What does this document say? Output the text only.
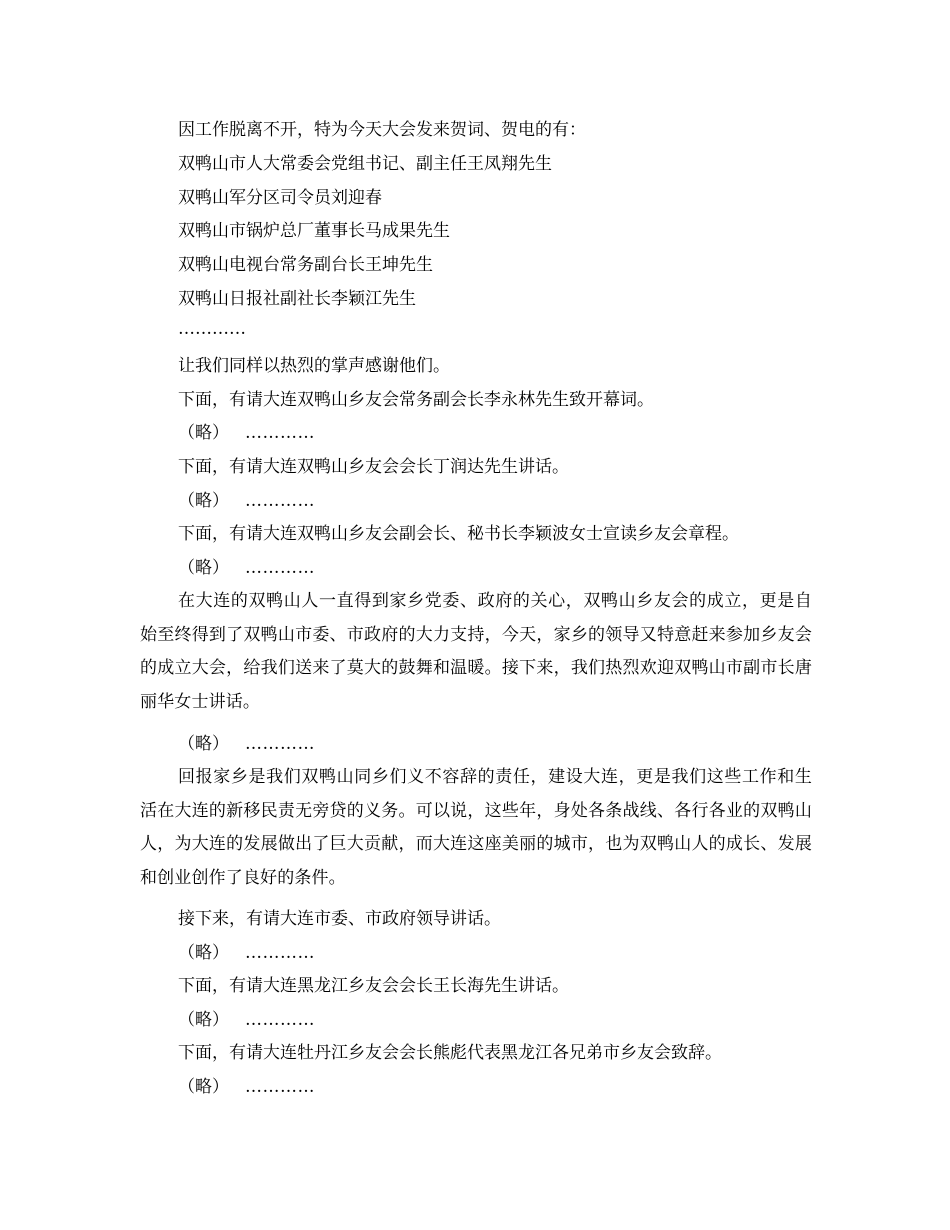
因工作脱离不开，特为今天大会发来贺词、贺电的有：
双鸭山市人大常委会党组书记、副主任王凤翔先生
双鸭山军分区司令员刘迎春
双鸭山市锅炉总厂董事长马成果先生
双鸭山电视台常务副台长王坤先生
双鸭山日报社副社长李颖江先生
…………
让我们同样以热烈的掌声感谢他们。
下面，有请大连双鸭山乡友会常务副会长李永林先生致开幕词。
（略） …………
下面，有请大连双鸭山乡友会会长丁润达先生讲话。
（略） …………
下面，有请大连双鸭山乡友会副会长、秘书长李颖波女士宣读乡友会章程。
（略） …………
在大连的双鸭山人一直得到家乡党委、政府的关心，双鸭山乡友会的成立，更是自始至终得到了双鸭山市委、市政府的大力支持，今天，家乡的领导又特意赶来参加乡友会的成立大会，给我们送来了莫大的鼓舞和温暖。接下来，我们热烈欢迎双鸭山市副市长唐丽华女士讲话。
（略） …………
回报家乡是我们双鸭山同乡们义不容辞的责任，建设大连，更是我们这些工作和生活在大连的新移民责无旁贷的义务。可以说，这些年，身处各条战线、各行各业的双鸭山人，为大连的发展做出了巨大贡献，而大连这座美丽的城市，也为双鸭山人的成长、发展和创业创作了良好的条件。
接下来，有请大连市委、市政府领导讲话。
（略） …………
下面，有请大连黑龙江乡友会会长王长海先生讲话。
（略） …………
下面，有请大连牡丹江乡友会会长熊彪代表黑龙江各兄弟市乡友会致辞。
（略） …………
